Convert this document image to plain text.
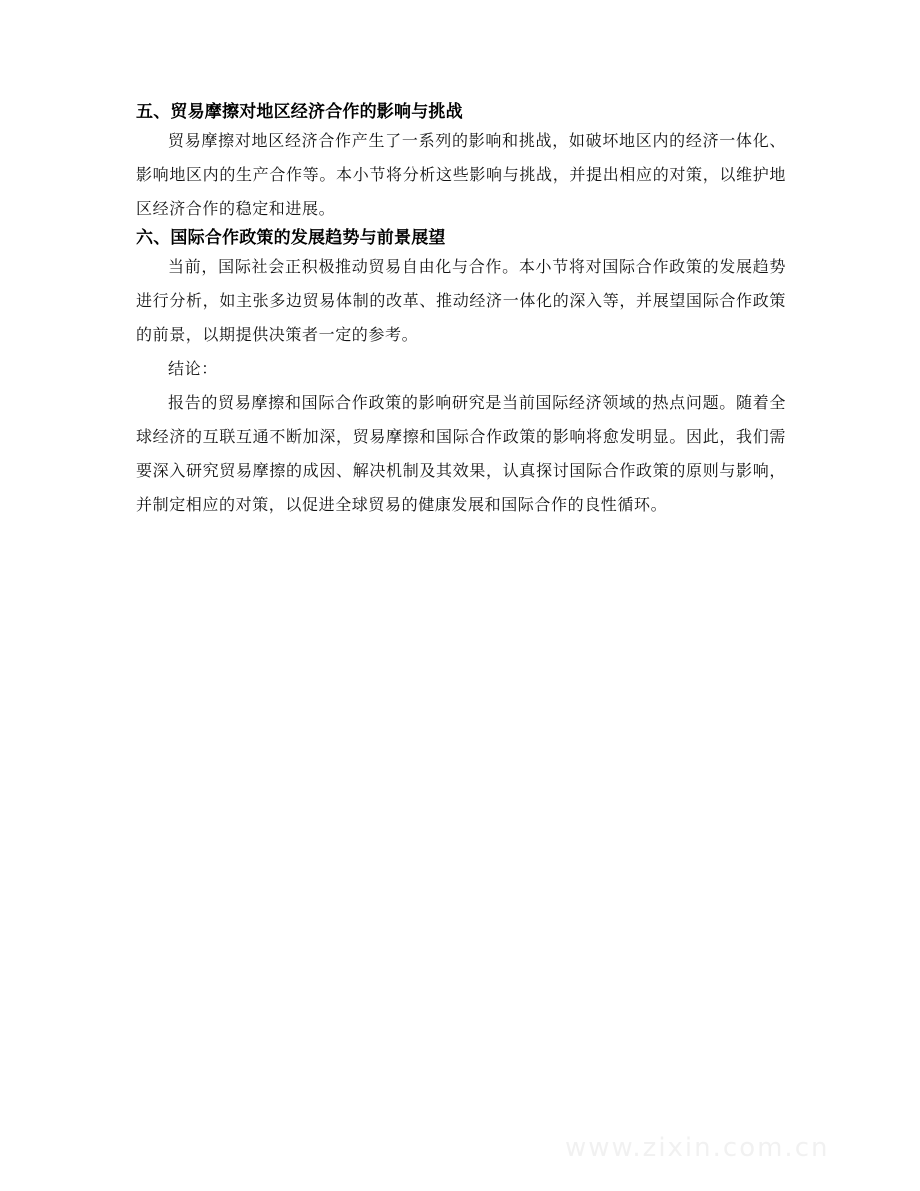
五、贸易摩擦对地区经济合作的影响与挑战

贸易摩擦对地区经济合作产生了一系列的影响和挑战，如破坏地区内的经济一体化、影响地区内的生产合作等。本小节将分析这些影响与挑战，并提出相应的对策，以维护地区经济合作的稳定和进展。

六、国际合作政策的发展趋势与前景展望

当前，国际社会正积极推动贸易自由化与合作。本小节将对国际合作政策的发展趋势进行分析，如主张多边贸易体制的改革、推动经济一体化的深入等，并展望国际合作政策的前景，以期提供决策者一定的参考。

结论：

报告的贸易摩擦和国际合作政策的影响研究是当前国际经济领域的热点问题。随着全球经济的互联互通不断加深，贸易摩擦和国际合作政策的影响将愈发明显。因此，我们需要深入研究贸易摩擦的成因、解决机制及其效果，认真探讨国际合作政策的原则与影响，并制定相应的对策，以促进全球贸易的健康发展和国际合作的良性循环。

www.zixin.com.cn
